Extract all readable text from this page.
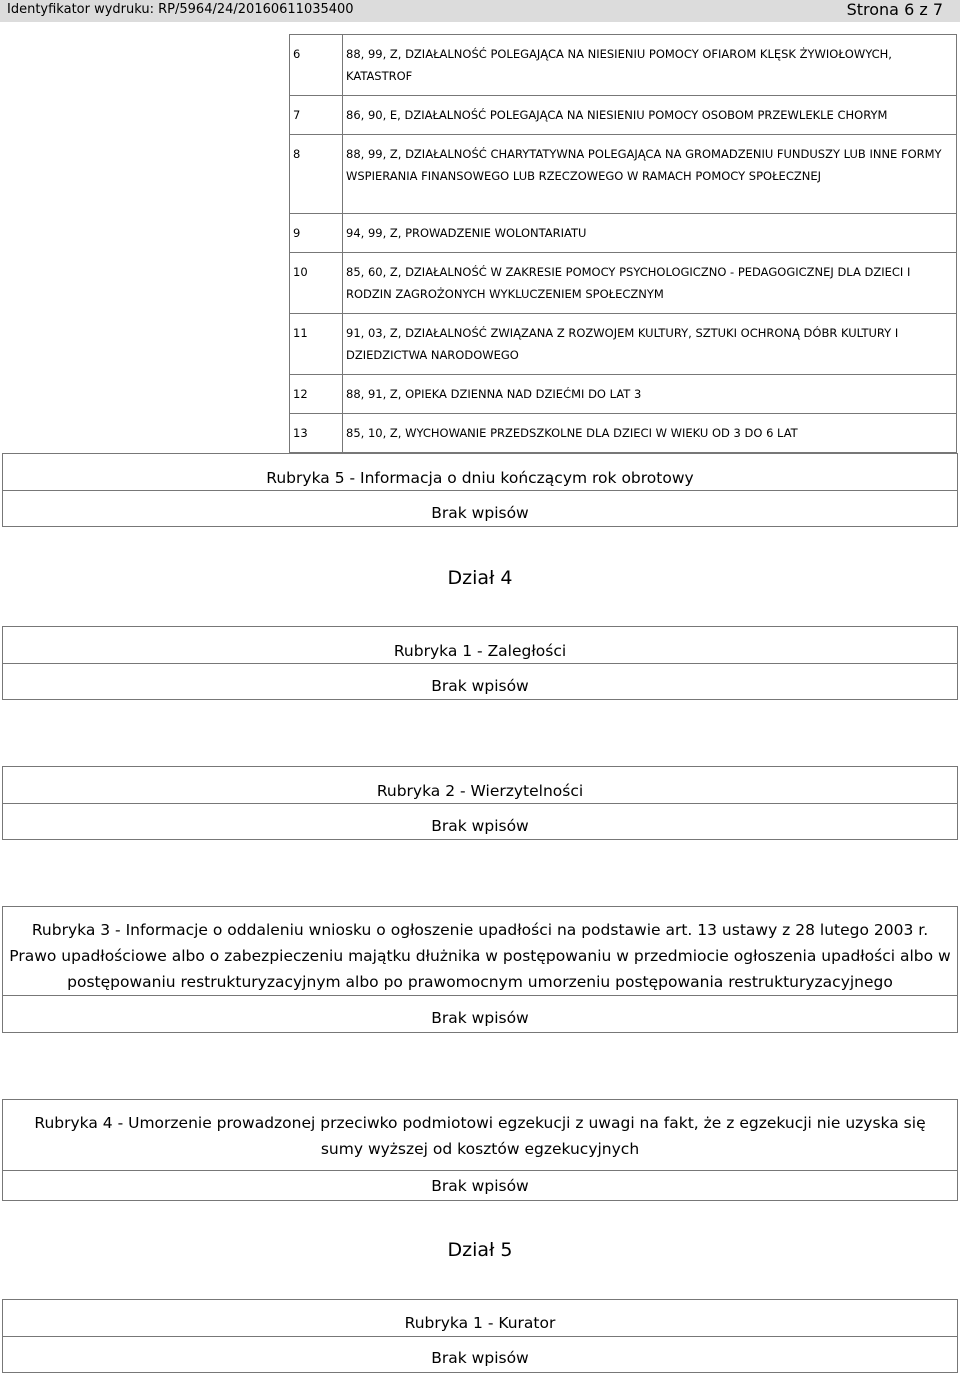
Identyfikator wydruku: RP/5964/24/20160611035400	Strona 6 z 7
6	88, 99, Z, DZIAŁALNOŚĆ POLEGAJĄCA NA NIESIENIU POMOCY OFIAROM KLĘSK ŻYWIOŁOWYCH, KATASTROF
7	86, 90, E, DZIAŁALNOŚĆ POLEGAJĄCA NA NIESIENIU POMOCY OSOBOM PRZEWLEKLE CHORYM
8	88, 99, Z, DZIAŁALNOŚĆ CHARYTATYWNA POLEGAJĄCA NA GROMADZENIU FUNDUSZY LUB INNE FORMY WSPIERANIA FINANSOWEGO LUB RZECZOWEGO W RAMACH POMOCY SPOŁECZNEJ
9	94, 99, Z, PROWADZENIE WOLONTARIATU
10	85, 60, Z, DZIAŁALNOŚĆ W ZAKRESIE POMOCY PSYCHOLOGICZNO - PEDAGOGICZNEJ DLA DZIECI I RODZIN ZAGROŻONYCH WYKLUCZENIEM SPOŁECZNYM
11	91, 03, Z, DZIAŁALNOŚĆ ZWIĄZANA Z ROZWOJEM KULTURY, SZTUKI OCHRONĄ DÓBR KULTURY I DZIEDZICTWA NARODOWEGO
12	88, 91, Z, OPIEKA DZIENNA NAD DZIEĆMI DO LAT 3
13	85, 10, Z, WYCHOWANIE PRZEDSZKOLNE DLA DZIECI W WIEKU OD 3 DO 6 LAT
Rubryka 5 - Informacja o dniu kończącym rok obrotowy
Brak wpisów
Dział 4
Rubryka 1 - Zaległości
Brak wpisów
Rubryka 2 - Wierzytelności
Brak wpisów
Rubryka 3 - Informacje o oddaleniu wniosku o ogłoszenie upadłości na podstawie art. 13 ustawy z 28 lutego 2003 r. Prawo upadłościowe albo o zabezpieczeniu majątku dłużnika w postępowaniu w przedmiocie ogłoszenia upadłości albo w postępowaniu restrukturyzacyjnym albo po prawomocnym umorzeniu postępowania restrukturyzacyjnego
Brak wpisów
Rubryka 4 - Umorzenie prowadzonej przeciwko podmiotowi egzekucji z uwagi na fakt, że z egzekucji nie uzyska się sumy wyższej od kosztów egzekucyjnych
Brak wpisów
Dział 5
Rubryka 1 - Kurator
Brak wpisów
